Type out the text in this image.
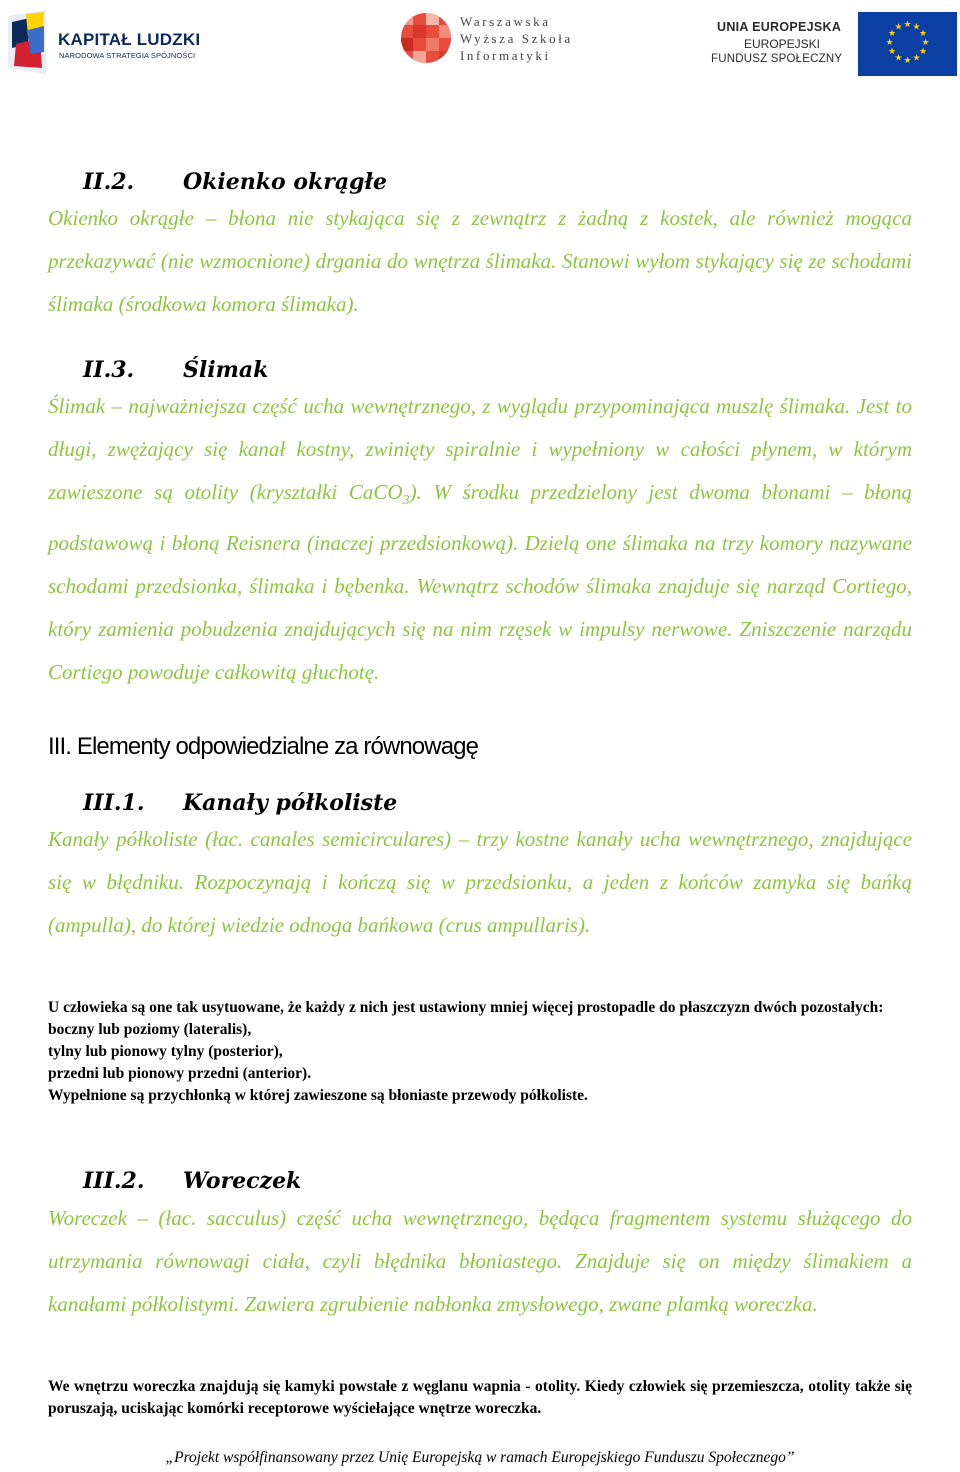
KAPITAŁ LUDZKI
NARODOWA STRATEGIA SPÓJNOŚCI
Warszawska
Wyższa Szkoła
Informatyki
UNIA EUROPEJSKA
EUROPEJSKI
FUNDUSZ SPOŁECZNY
★ ★
★
★
★
★
★
★
★
★
★
★
II.2. Okienko okrągłe

Okienko okrągłe – błona nie stykająca się z zewnątrz z żadną z kostek, ale również mogąca przekazywać (nie wzmocnione) drgania do wnętrza ślimaka. Stanowi wyłom stykający się ze schodami ślimaka (środkowa komora ślimaka).

II.3. Ślimak

Ślimak – najważniejsza część ucha wewnętrznego, z wyglądu przypominająca muszlę ślimaka. Jest to długi, zwężający się kanał kostny, zwinięty spiralnie i wypełniony w całości płynem, w którym zawieszone są otolity (kryształki CaCO$_3$). W środku przedzielony jest dwoma błonami – błoną podstawową i błoną Reisnera (inaczej przedsionkową). Dzielą one ślimaka na trzy komory nazywane schodami przedsionka, ślimaka i bębenka. Wewnątrz schodów ślimaka znajduje się narząd Cortiego, który zamienia pobudzenia znajdujących się na nim rzęsek w impulsy nerwowe. Zniszczenie narządu Cortiego powoduje całkowitą głuchotę.

III. Elementy odpowiedzialne za równowagę
III.1. Kanały półkoliste

Kanały półkoliste (łac. canales semicirculares) – trzy kostne kanały ucha wewnętrznego, znajdujące się w błędniku. Rozpoczynają i kończą się w przedsionku, a jeden z końców zamyka się bańką (ampulla), do której wiedzie odnoga bańkowa (crus ampullaris).

U człowieka są one tak usytuowane, że każdy z nich jest ustawiony mniej więcej prostopadle do płaszczyzn dwóch pozostałych:
boczny lub poziomy (lateralis),
tylny lub pionowy tylny (posterior),
przedni lub pionowy przedni (anterior).
Wypełnione są przychłonką w której zawieszone są błoniaste przewody półkoliste.
III.2. Woreczek

Woreczek – (łac. sacculus) część ucha wewnętrznego, będąca fragmentem systemu służącego do utrzymania równowagi ciała, czyli błędnika błoniastego. Znajduje się on między ślimakiem a kanałami półkolistymi. Zawiera zgrubienie nabłonka zmysłowego, zwane plamką woreczka.

We wnętrzu woreczka znajdują się kamyki powstałe z węglanu wapnia - otolity. Kiedy człowiek się przemieszcza, otolity także się poruszają, uciskając komórki receptorowe wyściełające wnętrze woreczka.
„Projekt współfinansowany przez Unię Europejską w ramach Europejskiego Funduszu Społecznego”
